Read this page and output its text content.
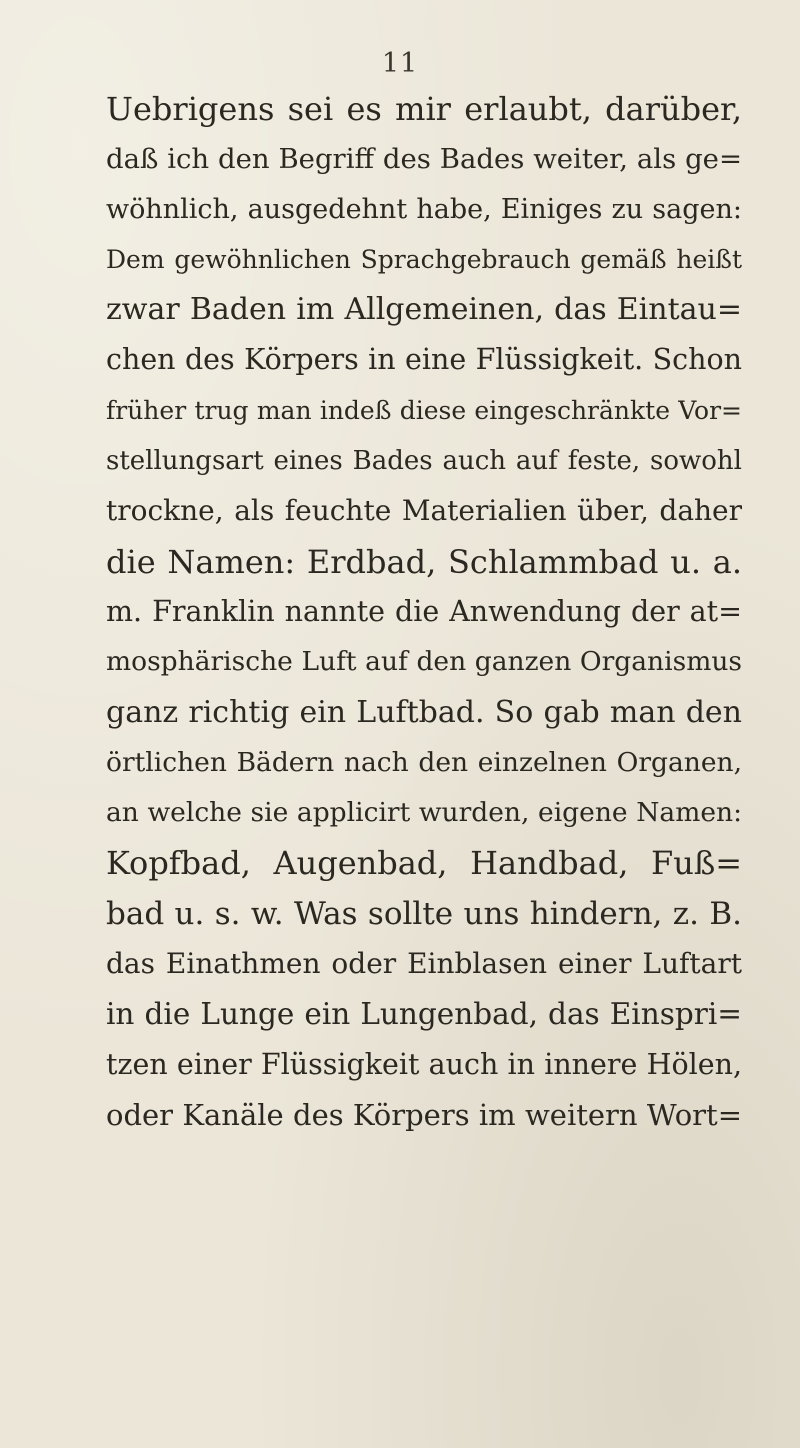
11
Uebrigens sei es mir erlaubt, darüber,
daß ich den Begriff des Bades weiter, als ge=
wöhnlich, ausgedehnt habe, Einiges zu sagen:
Dem gewöhnlichen Sprachgebrauch gemäß heißt
zwar Baden im Allgemeinen, das Eintau=
chen des Körpers in eine Flüssigkeit. Schon
früher trug man indeß diese eingeschränkte Vor=
stellungsart eines Bades auch auf feste, sowohl
trockne, als feuchte Materialien über, daher
die Namen: Erdbad, Schlammbad u. a.
m. Franklin nannte die Anwendung der at=
mosphärische Luft auf den ganzen Organismus
ganz richtig ein Luftbad. So gab man den
örtlichen Bädern nach den einzelnen Organen,
an welche sie applicirt wurden, eigene Namen:
Kopfbad, Augenbad, Handbad, Fuß=
bad u. s. w. Was sollte uns hindern, z. B.
das Einathmen oder Einblasen einer Luftart
in die Lunge ein Lungenbad, das Einspri=
tzen einer Flüssigkeit auch in innere Hölen,
oder Kanäle des Körpers im weitern Wort=
